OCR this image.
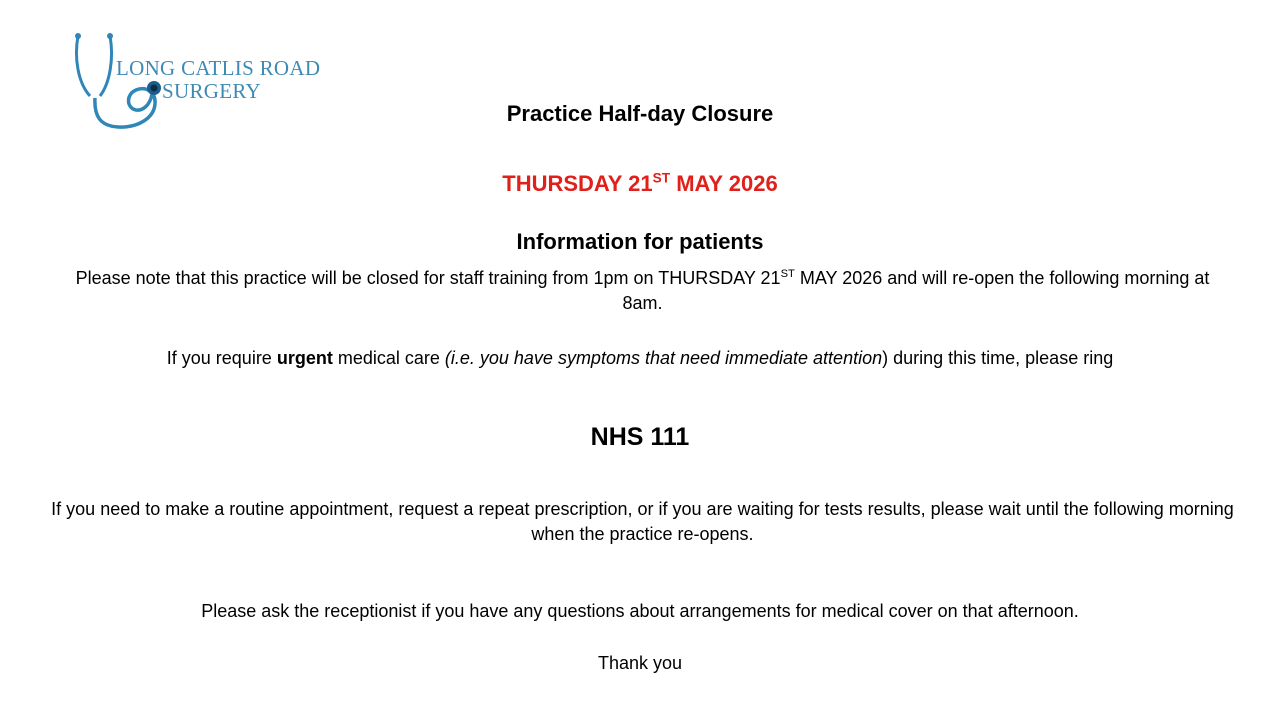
LONG CATLIS ROAD
SURGERY
Practice Half-day Closure
THURSDAY 21ST MAY 2026
Information for patients
Please note that this practice will be closed for staff training from 1pm on THURSDAY 21ST MAY 2026 and will re-open the following morning at 8am.
If you require urgent medical care (i.e. you have symptoms that need immediate attention) during this time, please ring
NHS 111
If you need to make a routine appointment, request a repeat prescription, or if you are waiting for tests results, please wait until the following morning when the practice re-opens.
Please ask the receptionist if you have any questions about arrangements for medical cover on that afternoon.
Thank you
